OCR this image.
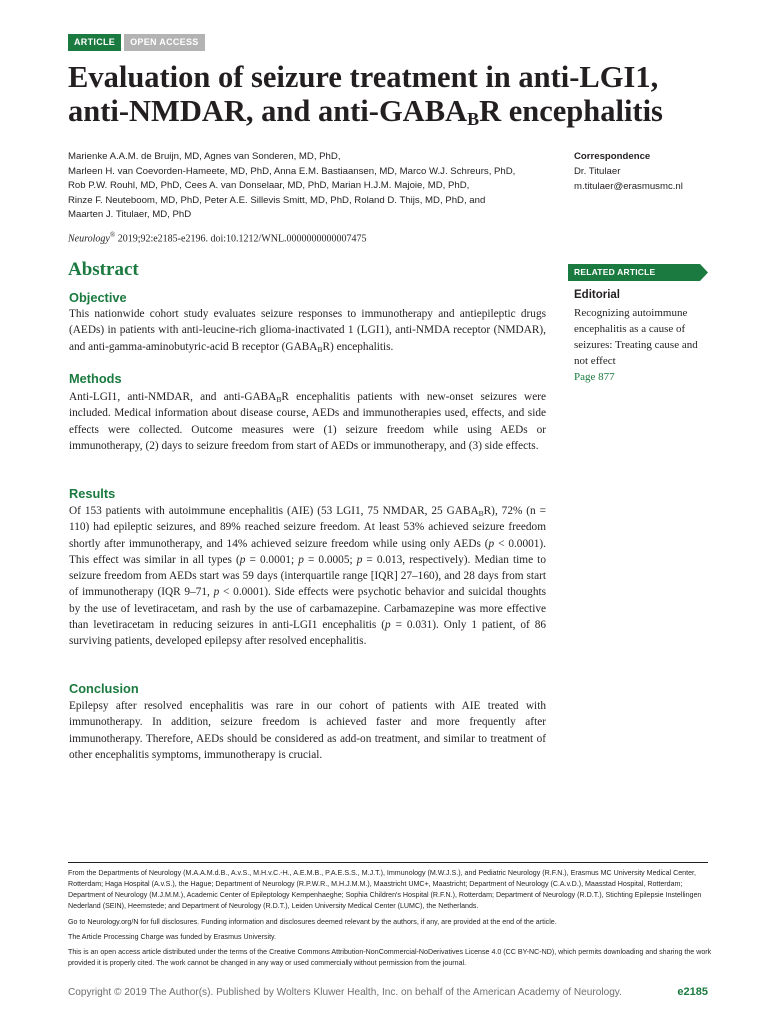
ARTICLE	OPEN ACCESS
Evaluation of seizure treatment in anti-LGI1,
anti-NMDAR, and anti-$GABA_BR$ encephalitis
Marienke A.A.M. de Bruijn, MD, Agnes van Sonderen, MD, PhD,
Marleen H. van Coevorden-Hameete, MD, PhD, Anna E.M. Bastiaansen, MD, Marco W.J. Schreurs, PhD,
Rob P.W. Rouhl, MD, PhD, Cees A. van Donselaar, MD, PhD, Marian H.J.M. Majoie, MD, PhD,
Rinze F. Neuteboom, MD, PhD, Peter A.E. Sillevis Smitt, MD, PhD, Roland D. Thijs, MD, PhD, and
Maarten J. Titulaer, MD, PhD
Neurology® 2019;92:e2185-e2196. doi:10.1212/WNL.0000000000007475
Correspondence
Dr. Titulaer
m.titulaer@erasmusmc.nl
Abstract
Objective

This nationwide cohort study evaluates seizure responses to immunotherapy and antiepileptic drugs (AEDs) in patients with anti-leucine-rich glioma-inactivated 1 (LGI1), anti-NMDA receptor (NMDAR), and anti-gamma-aminobutyric-acid B receptor $(GABA_BR)$ encephalitis.

Methods

Anti-LGI1, anti-NMDAR, and anti-$GABA_BR$ encephalitis patients with new-onset seizures were included. Medical information about disease course, AEDs and immunotherapies used, effects, and side effects were collected. Outcome measures were (1) seizure freedom while using AEDs or immunotherapy, (2) days to seizure freedom from start of AEDs or immunotherapy, and (3) side effects.

Results

Of 153 patients with autoimmune encephalitis (AIE) (53 LGI1, 75 NMDAR, 25 $GABA_BR$), 72% (n = 110) had epileptic seizures, and 89% reached seizure freedom. At least 53% achieved seizure freedom shortly after immunotherapy, and 14% achieved seizure freedom while using only AEDs (p < 0.0001). This effect was similar in all types (p = 0.0001; p = 0.0005; p = 0.013, respectively). Median time to seizure freedom from AEDs start was 59 days (interquartile range [IQR] 27–160), and 28 days from start of immunotherapy (IQR 9–71, p < 0.0001). Side effects were psychotic behavior and suicidal thoughts by the use of levetiracetam, and rash by the use of carbamazepine. Carbamazepine was more effective than levetiracetam in reducing seizures in anti-LGI1 encephalitis (p = 0.031). Only 1 patient, of 86 surviving patients, developed epilepsy after resolved encephalitis.

Conclusion

Epilepsy after resolved encephalitis was rare in our cohort of patients with AIE treated with immunotherapy. In addition, seizure freedom is achieved faster and more frequently after immunotherapy. Therefore, AEDs should be considered as add-on treatment, and similar to treatment of other encephalitis symptoms, immunotherapy is crucial.

RELATED ARTICLE
Editorial
Recognizing autoimmune encephalitis as a cause of seizures: Treating cause and not effect
Page 877

From the Departments of Neurology (M.A.A.M.d.B., A.v.S., M.H.v.C.-H., A.E.M.B., P.A.E.S.S., M.J.T.), Immunology (M.W.J.S.), and Pediatric Neurology (R.F.N.), Erasmus MC University Medical Center, Rotterdam; Haga Hospital (A.v.S.), the Hague; Department of Neurology (R.P.W.R., M.H.J.M.M.), Maastricht UMC+, Maastricht; Department of Neurology (C.A.v.D.), Maasstad Hospital, Rotterdam; Department of Neurology (M.J.M.M.), Academic Center of Epileptology Kempenhaeghe; Sophia Children's Hospital (R.F.N.), Rotterdam; Department of Neurology (R.D.T.), Stichting Epilepsie Instellingen Nederland (SEIN), Heemstede; and Department of Neurology (R.D.T.), Leiden University Medical Center (LUMC), the Netherlands.

Go to Neurology.org/N for full disclosures. Funding information and disclosures deemed relevant by the authors, if any, are provided at the end of the article.

The Article Processing Charge was funded by Erasmus University.

This is an open access article distributed under the terms of the Creative Commons Attribution-NonCommercial-NoDerivatives License 4.0 (CC BY-NC-ND), which permits downloading and sharing the work provided it is properly cited. The work cannot be changed in any way or used commercially without permission from the journal.

Copyright © 2019 The Author(s). Published by Wolters Kluwer Health, Inc. on behalf of the American Academy of Neurology.	e2185
